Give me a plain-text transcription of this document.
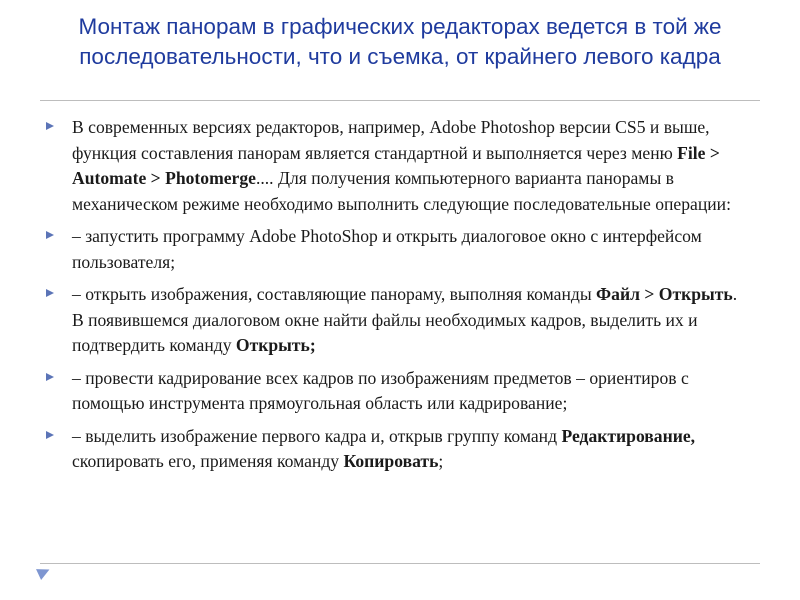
Монтаж панорам в графических редакторах ведется в той же последовательности, что и съемка, от крайнего левого кадра
В современных версиях редакторов, например, Adobe Photoshop версии CS5 и выше, функция составления панорам является стандартной и выполняется через меню File > Automate > Photomerge.... Для получения компьютерного варианта панорамы в механическом режиме необходимо выполнить следующие последовательные операции:
– запустить программу Adobe PhotoShop и открыть диалоговое окно с интерфейсом пользователя;
– открыть изображения, составляющие панораму, выполняя команды Файл > Открыть. В появившемся диалоговом окне найти файлы необходимых кадров, выделить их и подтвердить команду Открыть;
– провести кадрирование всех кадров по изображениям предметов – ориентиров с помощью инструмента прямоугольная область или кадрирование;
– выделить изображение первого кадра и, открыв группу команд Редактирование, скопировать его, применяя команду Копировать;
